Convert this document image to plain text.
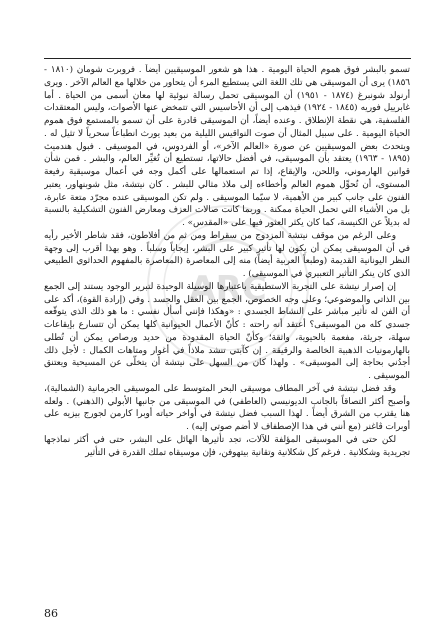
ARC

تسمو بالبشر فوق هموم الحياة اليومية . هذا هو شعور الموسيقيين أيضاً . فروبرت شومان (١٨١٠ - ١٨٥٦) يرى أن الموسيقى هي تلك اللغة التي يستطيع المرء أن يتحاور من خلالها مع العالم الآخر . ويرى أرنولد شونبرغ (١٨٧٤ - ١٩٥١) أن الموسيقى تحمل رسالة نبوئية لها معان أسمى من الحياة . أما غابرييل فوريه (١٨٤٥ - ١٩٢٤) فيذهب إلى أن الأحاسيس التي تتمخض عنها الأصوات، وليس المعتقدات الفلسفية، هي نقطة الإنطلاق . وعنده أيضاً، أن الموسيقى قادرة على أن تسمو بالمستمع فوق هموم الحياة اليومية . على سبيل المثال أن صوت النواقيس الليلية من بعيد يورث انطباعاً سحرياً لا تثيل له . ويتحدث بعض الموسيقيين عن صورة «العالم الآخر»، أو الفردوس، في الموسيقى . فبول هندميث (١٨٩٥ - ١٩٦٣) يعتقد بأن الموسيقى، في أفضل حالاتها، تستطيع أن تُغيِّر العالم، والبشر . فمن شأن قوانين الهارموني، واللحن، والإيقاع، إذا تم استعمالها على أكمل وجه في أعمال موسيقية رفيعة المستوى، أن تُحوِّل هموم العالم وأخطاءه إلى ملاذ مثالي للبشر . كان نيتشة، مثل شوبنهاور، يعتبر الفنون على جانب كبير من الأهمية، لا سيّما الموسيقى . ولم تكن الموسيقى عنده مجرّد متعة عابرة، بل من الأشياء التي تحمل الحياة ممكنة . وربما كانت صالات العزف ومعارض الفنون التشكيلية بالنسبة له بديلاً عن الكنيسة، كما كان يكثر العثور فيها على «المقدس» .

وعلى الرغم من موقف نيتشة المزدوج من سقراط ومن ثم من أفلاطون، فقد شاطر الأخير رأيه في أن الموسيقى يمكن أن يكون لها تأثير كبير على البشر، إيجاباً وسلباً . وهو بهذا أقرب إلى وجهة النظر اليونانية القديمة (وطبعاً العربية أيضاً) منه إلى المعاصرة (المعاصرة بالمفهوم الحداثوي الطبيعي الذي كان ينكر التأثير التعبيري في الموسيقى) .

إن إصرار نيتشة على التجربة الاستطيقية باعتبارها الوسيلة الوحيدة لتبرير الوجود يستند إلى الجمع بين الذاتي والموضوعي؛ وعلى وجه الخصوص، الجمع بين العقل والجسد . وفي (إرادة القوة)، أكد على أن الفن له تأثير مباشر على النشاط الجسدي : «وهكذا فإنني أسأل نفسي : ما هو ذلك الذي يتوقّعه جسدي كله من الموسيقى؟ أعتقد أنه راحته : كأنّ الأعمال الحيوانية كلها يمكن أن تتسارع بإيقاعات سهلة، جريئة، مفعمة بالحيوية، واثقة؛ وكأنّ الحياة المقدودة من حديد ورصاص يمكن أن تُطلى بالهارمونيات الذهبية الخالصة والرقيقة . إن كآبتي تنشد ملاذاً في أغوار ومتاهات الكمال : لأجل ذلك أجدُني بحاجة إلى الموسيقى» . ولهذا كان من السهل على نيتشة أن يتخلّى عن المسيحية ويعتنق الموسيقى .

وقد فضل نيتشة في آخر المطاف موسيقى البحر المتوسط على الموسيقى الجرمانية (الشمالية)، وأصبح أكثر التصاقاً بالجانب الديونيسي (العاطفي) في الموسيقى من جانبها الأبولي (الذهني) . ولعله هنا يقترب من الشرق أيضاً . لهذا السبب فضل نيتشة في أواخر حياته أوبرا كارمن لجورج بيزيه على أوبرات ڤاغنر (مع أنني في هذا الإصطفاف لا أضم صوتي إليه) .

لكن حتى في الموسيقى المؤلفة للآلات، تجد تأثيرها الهائل على البشر، حتى في أكثر نماذجها تجريدية وشكلانية . فرغم كل شكلانية وتقانية بيتهوفن، فإن موسيقاه تملك القدرة في التأثير

86
